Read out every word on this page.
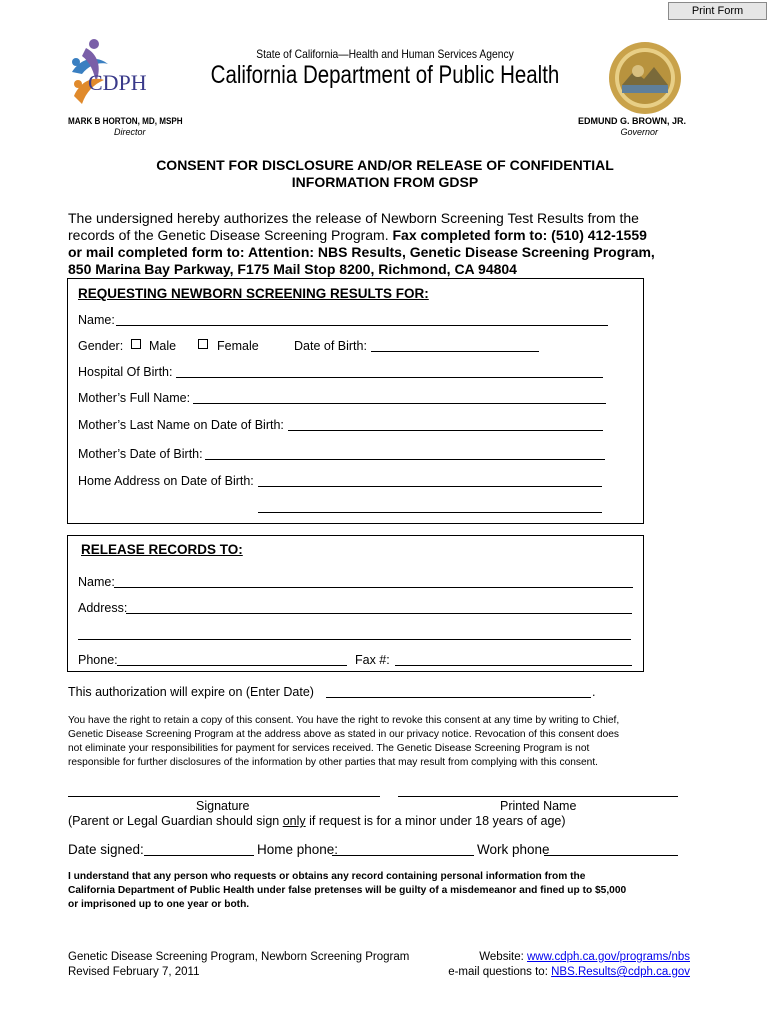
Print Form
CDPH
State of California—Health and Human Services Agency
California Department of Public Health
MARK B HORTON, MD, MSPH
Director
EDMUND G. BROWN, JR.
Governor
CONSENT FOR DISCLOSURE AND/OR RELEASE OF CONFIDENTIAL
INFORMATION FROM GDSP
The undersigned hereby authorizes the release of Newborn Screening Test Results from the
records of the Genetic Disease Screening Program. Fax completed form to: (510) 412-1559
or mail completed form to: Attention: NBS Results, Genetic Disease Screening Program,
850 Marina Bay Parkway, F175 Mail Stop 8200, Richmond, CA 94804
REQUESTING NEWBORN SCREENING RESULTS FOR:
Name:
Gender: Male	Female	Date of Birth:
Hospital Of Birth:
Mother’s Full Name:
Mother’s Last Name on Date of Birth:
Mother’s Date of Birth:
Home Address on Date of Birth:
RELEASE RECORDS TO:
Name:
Address:
Phone:	Fax #:
This authorization will expire on (Enter Date)	.
You have the right to retain a copy of this consent. You have the right to revoke this consent at any time by writing to Chief,
Genetic Disease Screening Program at the address above as stated in our privacy notice. Revocation of this consent does
not eliminate your responsibilities for payment for services received. The Genetic Disease Screening Program is not
responsible for further disclosures of the information by other parties that may result from complying with this consent.
Signature	Printed Name
(Parent or Legal Guardian should sign only if request is for a minor under 18 years of age)
Date signed:	Home phone:	Work phone
I understand that any person who requests or obtains any record containing personal information from the
California Department of Public Health under false pretenses will be guilty of a misdemeanor and fined up to $5,000
or imprisoned up to one year or both.
Genetic Disease Screening Program, Newborn Screening Program
Revised February 7, 2011
Website: www.cdph.ca.gov/programs/nbs
e-mail questions to: NBS.Results@cdph.ca.gov
